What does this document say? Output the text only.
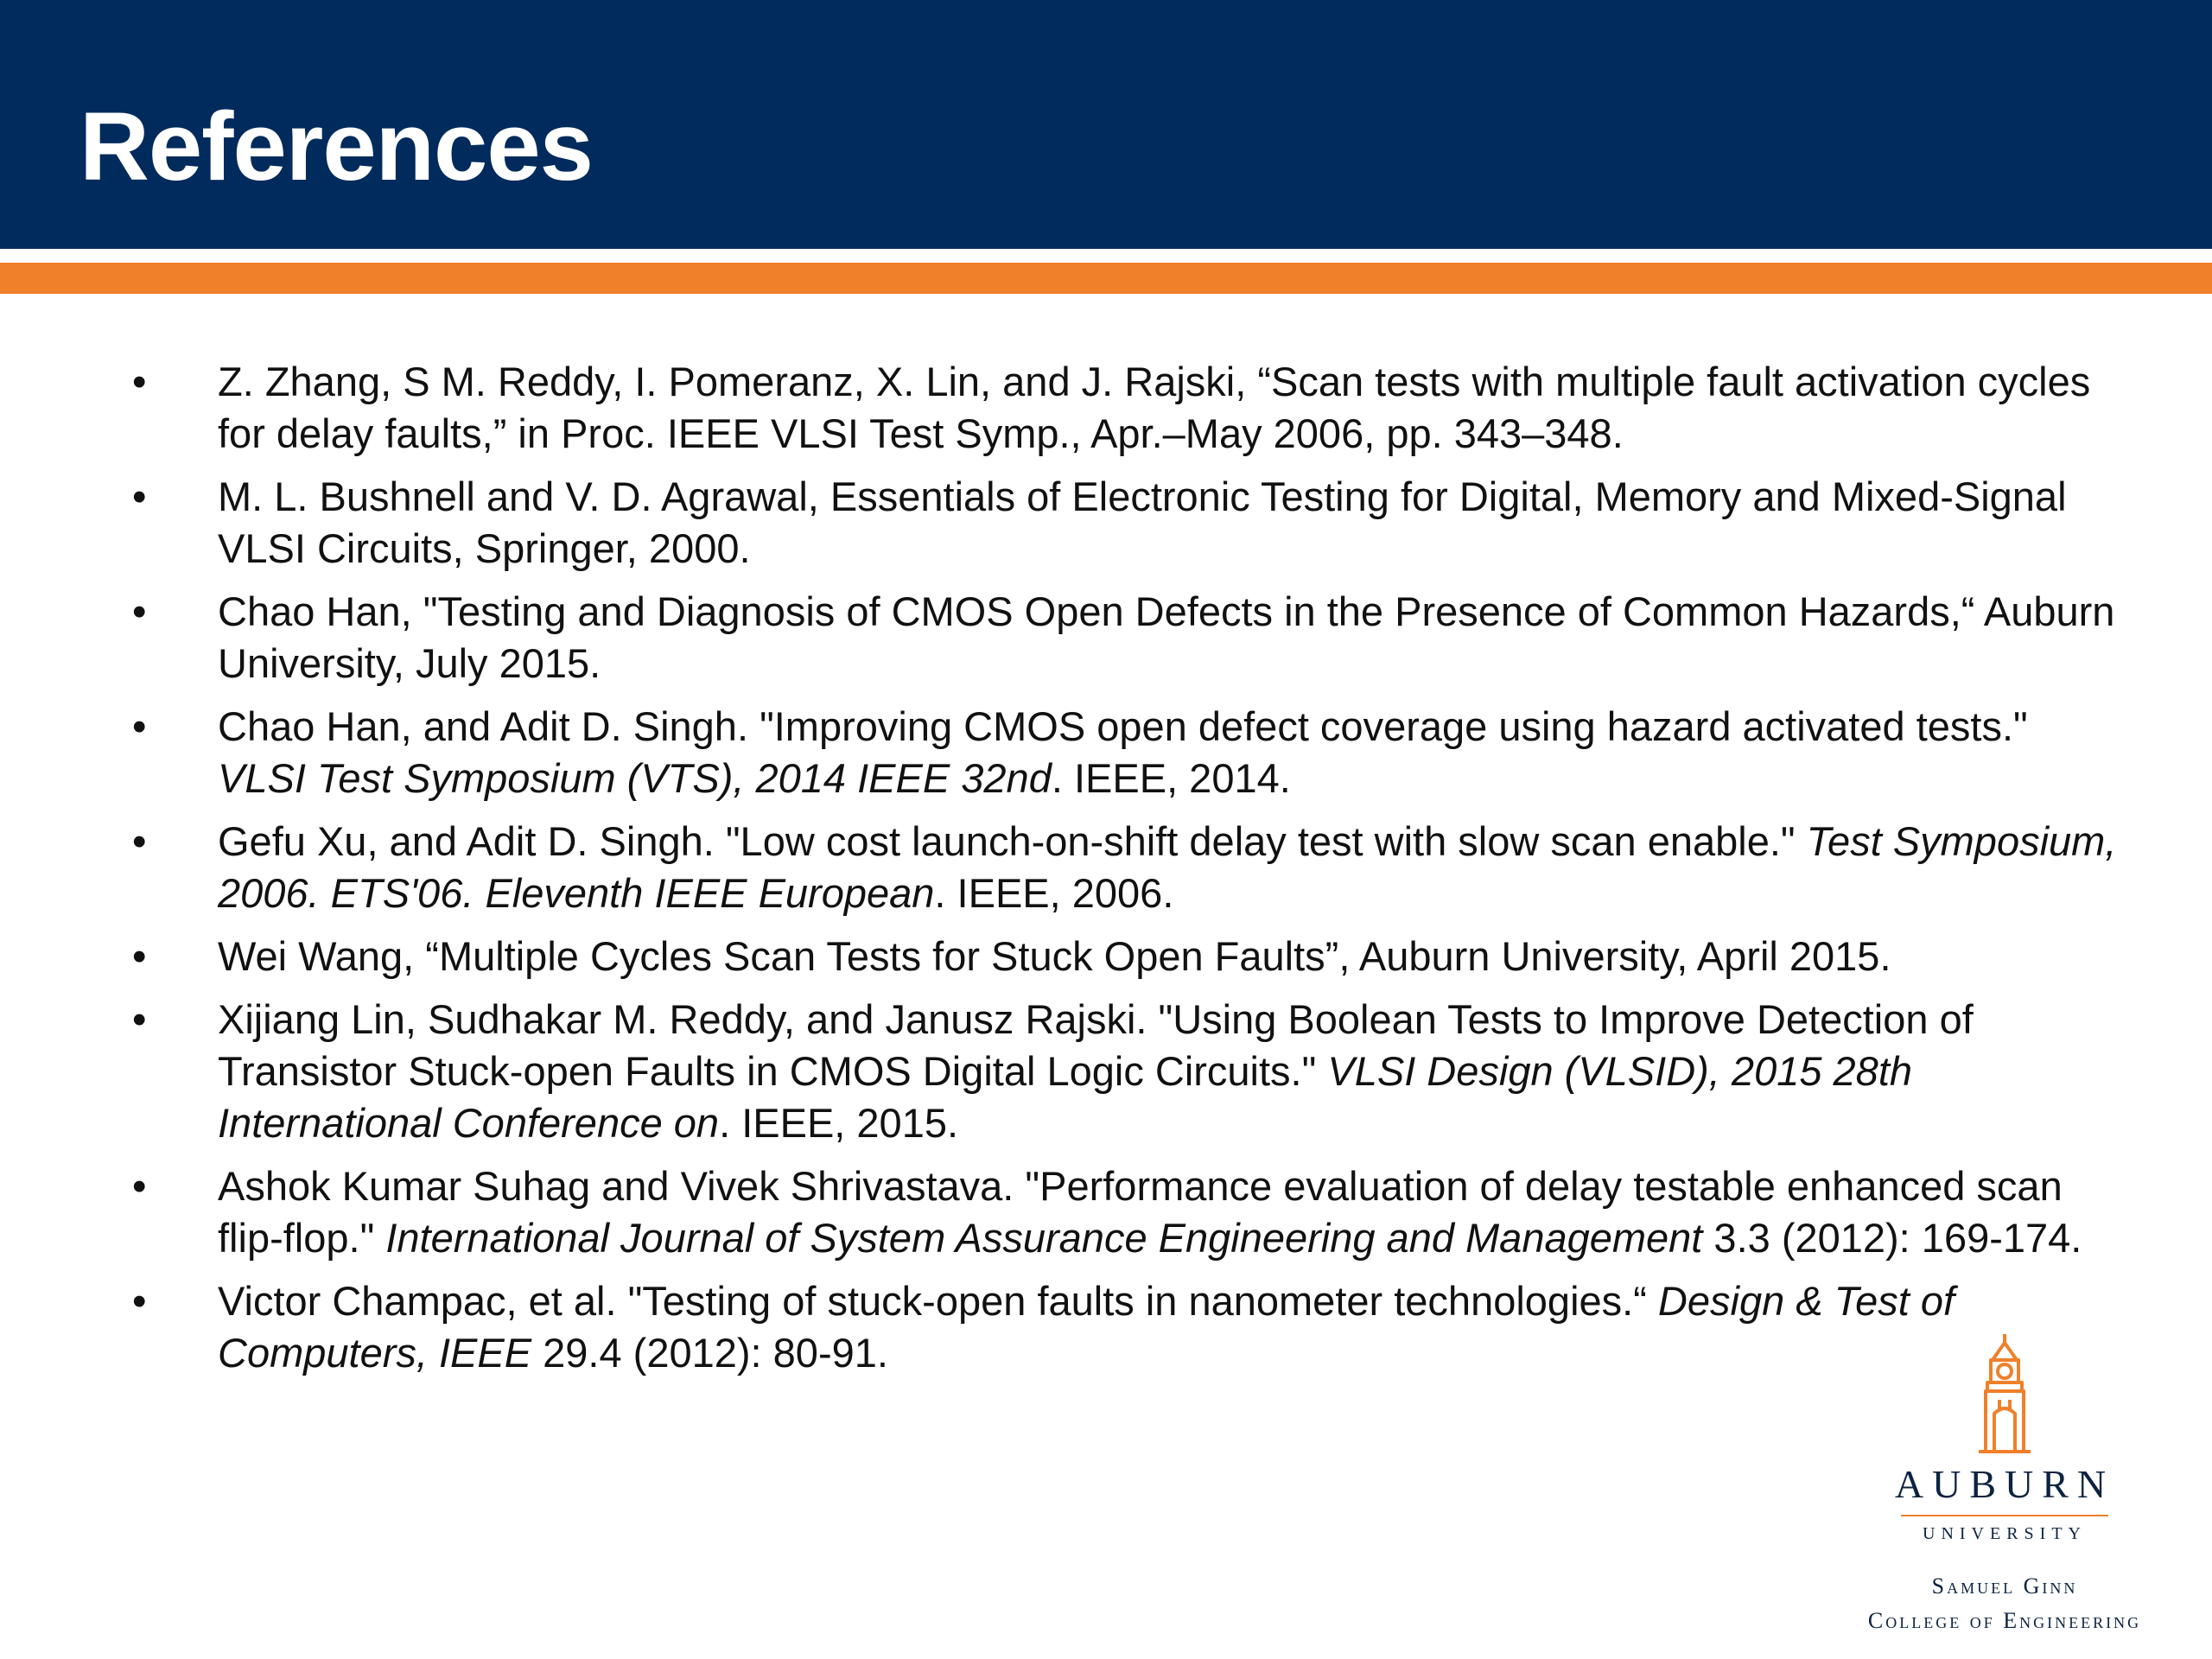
References
• Z. Zhang, S M. Reddy, I. Pomeranz, X. Lin, and J. Rajski, “Scan tests with multiple fault activation cycles for delay faults,” in Proc. IEEE VLSI Test Symp., Apr.–May 2006, pp. 343–348.
• M. L. Bushnell and V. D. Agrawal, Essentials of Electronic Testing for Digital, Memory and Mixed-Signal VLSI Circuits, Springer, 2000.
• Chao Han, "Testing and Diagnosis of CMOS Open Defects in the Presence of Common Hazards,“ Auburn University, July 2015.
• Chao Han, and Adit D. Singh. "Improving CMOS open defect coverage using hazard activated tests." VLSI Test Symposium (VTS), 2014 IEEE 32nd. IEEE, 2014.
• Gefu Xu, and Adit D. Singh. "Low cost launch-on-shift delay test with slow scan enable." Test Symposium, 2006. ETS'06. Eleventh IEEE European. IEEE, 2006.
• Wei Wang, “Multiple Cycles Scan Tests for Stuck Open Faults”, Auburn University, April 2015.
• Xijiang Lin, Sudhakar M. Reddy, and Janusz Rajski. "Using Boolean Tests to Improve Detection of Transistor Stuck-open Faults in CMOS Digital Logic Circuits." VLSI Design (VLSID), 2015 28th International Conference on. IEEE, 2015.
• Ashok Kumar Suhag and Vivek Shrivastava. "Performance evaluation of delay testable enhanced scan flip-flop." International Journal of System Assurance Engineering and Management 3.3 (2012): 169-174.
• Victor Champac, et al. "Testing of stuck-open faults in nanometer technologies.“ Design & Test of Computers, IEEE 29.4 (2012): 80-91.
AUBURN
UNIVERSITY
Samuel Ginn
College of Engineering
